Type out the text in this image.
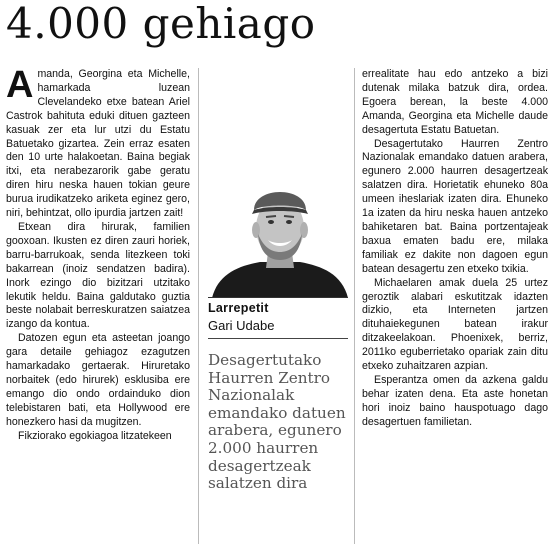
4.000 gehiago

Amanda, Georgina eta Michelle, hamarkada luzean Clevelandeko etxe batean Ariel Castrok bahituta eduki dituen gazteen kasuak zer eta lur utzi du Estatu Batuetako gizartea. Zein erraz esaten den 10 urte halakoetan. Baina begiak itxi, eta nerabezarorik gabe geratu diren hiru neska hauen tokian geure burua irudikatzeko ariketa eginez gero, niri, behintzat, ollo ipurdia jartzen zait!

Etxean dira hirurak, familien gooxoan. Ikusten ez diren zauri horiek, barru-barrukoak, senda litezkeen toki bakarrean (inoiz sendatzen badira). Inork ezingo dio bizitzari utzitako lekutik heldu. Baina galdutako guztia beste nolabait berreskuratzen saiatzea izango da kontua.

Datozen egun eta asteetan joango gara detaile gehiagoz ezagutzen hamarkadako gertaerak. Hiruretako norbaitek (edo hirurek) esklusiba ere emango dio ondo ordainduko dion telebistaren bati, eta Hollywood ere honezkero hasi da mugitzen.

Fikziorako egokiagoa litzatekeen

Larrepetit
Gari Udabe

Desagertutako Haurren Zentro Nazionalak emandako datuen arabera, egunero 2.000 haurren desagertzeak salatzen dira

errealitate hau edo antzeko a bizi dutenak milaka batzuk dira, ordea. Egoera berean, la beste 4.000 Amanda, Georgina eta Michelle daude desagertuta Estatu Batuetan.

Desagertutako Haurren Zentro Nazionalak emandako datuen arabera, egunero 2.000 haurren desagertzeak salatzen dira. Horietatik ehuneko 80a umeen iheslariak izaten dira. Ehuneko 1a izaten da hiru neska hauen antzeko bahiketaren bat. Baina portzentajeak baxua ematen badu ere, milaka familiak ez dakite non dagoen egun batean desagertu zen etxeko txikia.

Michaelaren amak duela 25 urtez geroztik alabari eskutitzak idazten dizkio, eta Interneten jartzen dituhaiekegunen batean irakur ditzakeelakoan. Phoenixek, berriz, 2011ko eguberrietako opariak zain ditu etxeko zuhaitzaren azpian.

Esperantza omen da azkena galdu behar izaten dena. Eta aste honetan hori inoiz baino hauspotuago dago desagertuen familietan.
